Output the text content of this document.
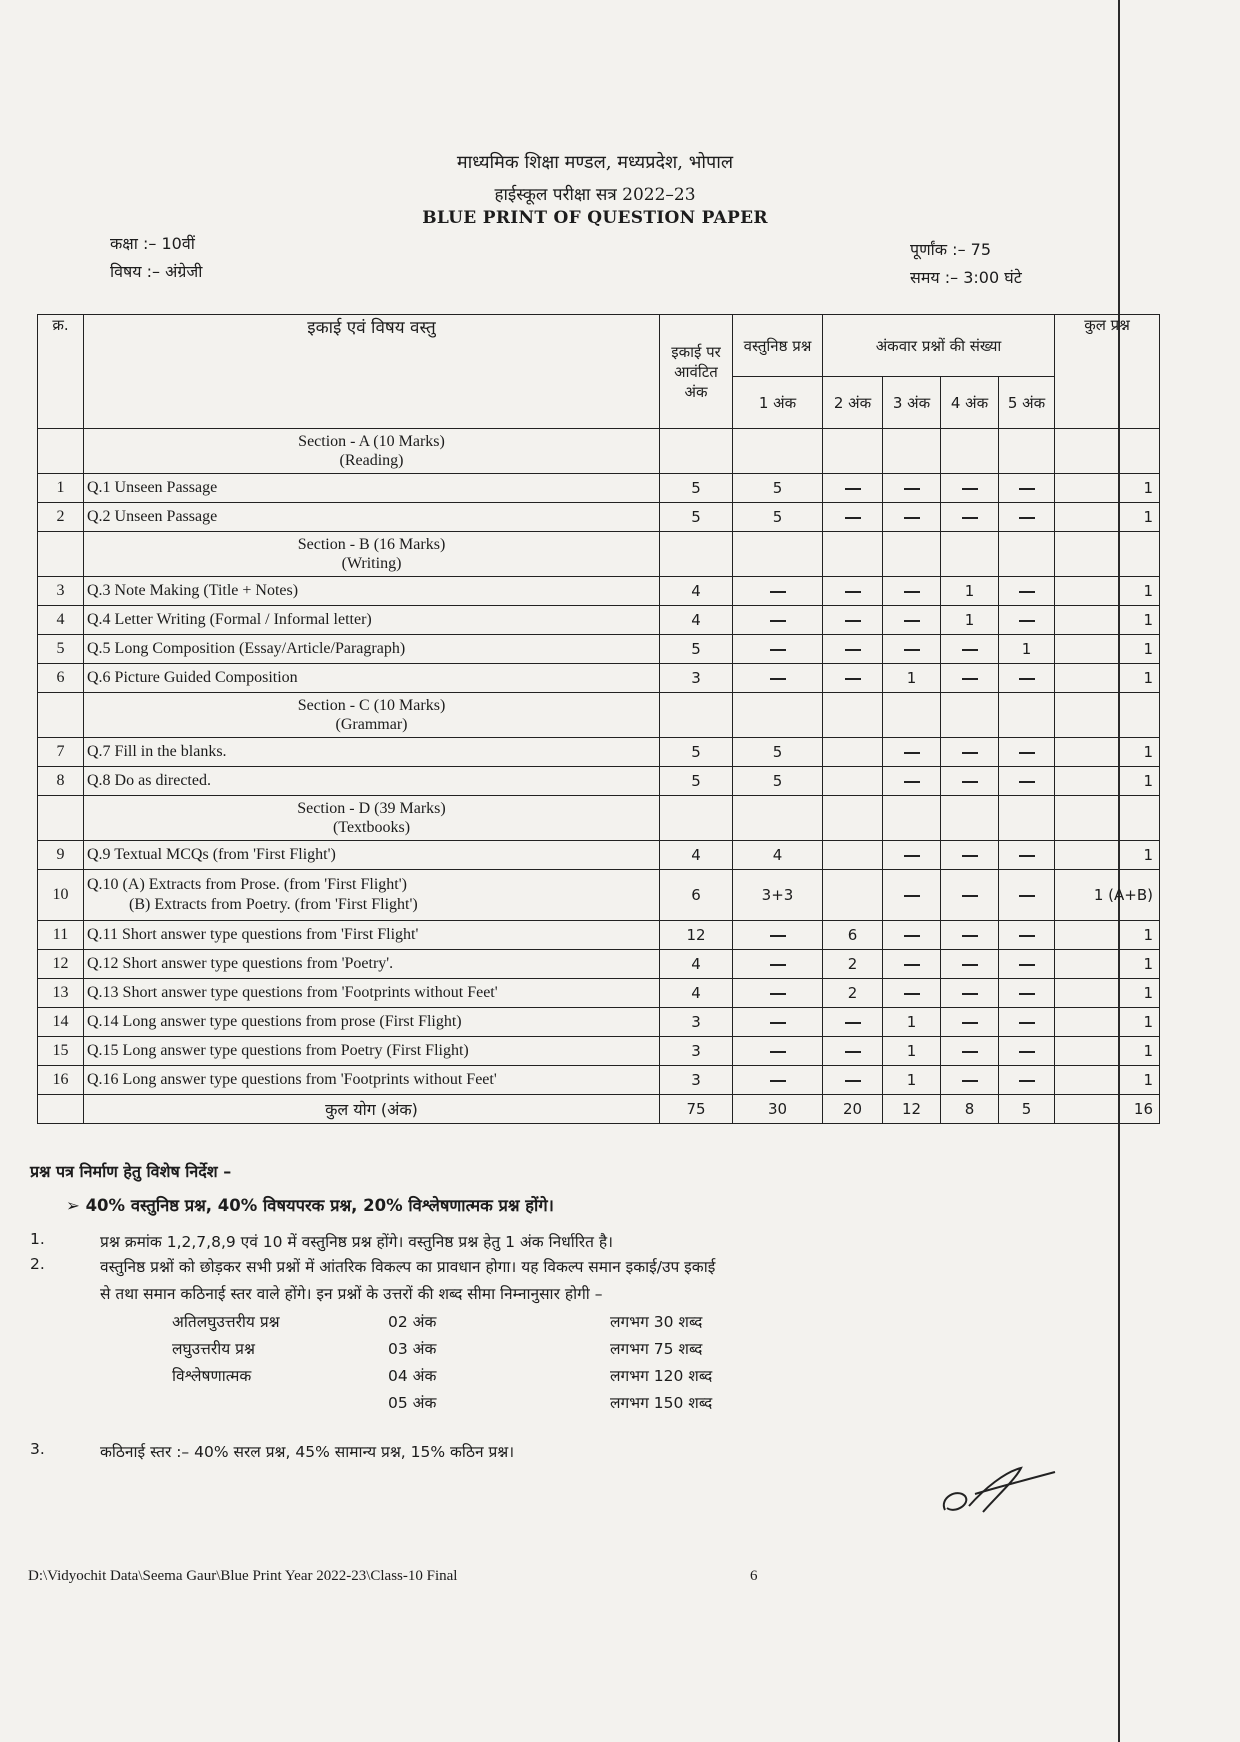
माध्यमिक शिक्षा मण्डल, मध्यप्रदेश, भोपाल
हाईस्कूल परीक्षा सत्र 2022–23
BLUE PRINT OF QUESTION PAPER
कक्षा :– 10वीं
विषय :– अंग्रेजी
पूर्णांक :– 75
समय :– 3:00 घंटे
क्र.	इकाई एवं विषय वस्तु	इकाई पर आवंटित अंक	वस्तुनिष्ठ प्रश्न	अंकवार प्रश्नों की संख्या				कुल प्रश्न
			1 अंक	2 अंक	3 अंक	4 अंक	5 अंक	

	Section - A (10 Marks)
(Reading)							

1	Q.1 Unseen Passage	5	5					1
2	Q.2 Unseen Passage	5	5					1

	Section - B (16 Marks)
(Writing)							

3	Q.3 Note Making (Title + Notes)	4				1		1
4	Q.4 Letter Writing (Formal / Informal letter)	4				1		1
5	Q.5 Long Composition (Essay/Article/Paragraph)	5					1	1
6	Q.6 Picture Guided Composition	3			1			1

	Section - C (10 Marks)
(Grammar)							

7	Q.7 Fill in the blanks.	5	5					1
8	Q.8 Do as directed.	5	5					1

	Section - D (39 Marks)
(Textbooks)							

9	Q.9 Textual MCQs (from 'First Flight')	4	4					1
10	Q.10 (A) Extracts from Prose. (from 'First Flight')
(B) Extracts from Poetry. (from 'First Flight')	6	3+3					1 (A+B)
11	Q.11 Short answer type questions from 'First Flight'	12		6				1
12	Q.12 Short answer type questions from 'Poetry'.	4		2				1
13	Q.13 Short answer type questions from 'Footprints without Feet'	4		2				1
14	Q.14 Long answer type questions from prose (First Flight)	3			1			1
15	Q.15 Long answer type questions from Poetry (First Flight)	3			1			1
16	Q.16 Long answer type questions from 'Footprints without Feet'	3			1			1
	कुल योग (अंक)	75	30	20	12	8	5	16
प्रश्न पत्र निर्माण हेतु विशेष निर्देश –
➢ 40% वस्तुनिष्ठ प्रश्न, 40% विषयपरक प्रश्न, 20% विश्लेषणात्मक प्रश्न होंगे।
1.	प्रश्न क्रमांक 1,2,7,8,9 एवं 10 में वस्तुनिष्ठ प्रश्न होंगे। वस्तुनिष्ठ प्रश्न हेतु 1 अंक निर्धारित है।
2.	वस्तुनिष्ठ प्रश्नों को छोड़कर सभी प्रश्नों में आंतरिक विकल्प का प्रावधान होगा। यह विकल्प समान इकाई/उप इकाई
से तथा समान कठिनाई स्तर वाले होंगे। इन प्रश्नों के उत्तरों की शब्द सीमा निम्नानुसार होगी –
अतिलघुउत्तरीय प्रश्न	02 अंक	लगभग 30 शब्द
लघुउत्तरीय प्रश्न	03 अंक	लगभग 75 शब्द
विश्लेषणात्मक	04 अंक	लगभग 120 शब्द
05 अंक	लगभग 150 शब्द
3.	कठिनाई स्तर :– 40% सरल प्रश्न, 45% सामान्य प्रश्न, 15% कठिन प्रश्न।
D:\Vidyochit Data\Seema Gaur\Blue Print Year 2022-23\Class-10 Final	6
